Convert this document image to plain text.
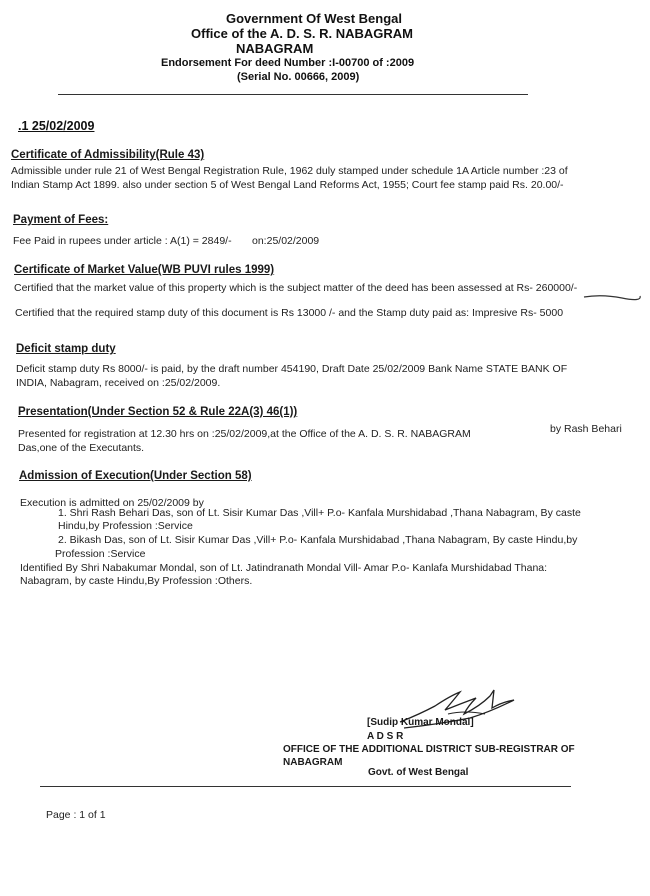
Government Of West Bengal
Office of the A. D. S. R. NABAGRAM
NABAGRAM
Endorsement For deed Number :I-00700 of :2009
(Serial No. 00666, 2009)
.1 25/02/2009
Certificate of Admissibility(Rule 43)
Admissible under rule 21 of West Bengal Registration Rule, 1962 duly stamped under schedule 1A Article number :23 of
Indian Stamp Act 1899. also under section 5 of West Bengal Land Reforms Act, 1955; Court fee stamp paid Rs. 20.00/-
Payment of Fees:
Fee Paid in rupees under article : A(1) = 2849/-       on:25/02/2009
Certificate of Market Value(WB PUVI rules 1999)
Certified that the market value of this property which is the subject matter of the deed has been assessed at Rs- 260000/-
Certified that the required stamp duty of this document is Rs 13000 /- and the Stamp duty paid as: Impresive Rs- 5000
Deficit stamp duty
Deficit stamp duty Rs 8000/- is paid, by the draft number 454190, Draft Date 25/02/2009 Bank Name STATE BANK OF
INDIA, Nabagram, received on :25/02/2009.
Presentation(Under Section 52 & Rule 22A(3) 46(1))
Presented for registration at 12.30 hrs on :25/02/2009,at the Office of the A. D. S. R. NABAGRAM	by Rash Behari
Das,one of the Executants.
Admission of Execution(Under Section 58)
Execution is admitted on 25/02/2009 by
1. Shri Rash Behari Das, son of Lt. Sisir Kumar Das ,Vill+ P.o- Kanfala Murshidabad ,Thana Nabagram, By caste
Hindu,by Profession :Service
2. Bikash Das, son of Lt. Sisir Kumar Das ,Vill+ P.o- Kanfala Murshidabad ,Thana Nabagram, By caste Hindu,by
Profession :Service
Identified By Shri Nabakumar Mondal, son of Lt. Jatindranath Mondal Vill- Amar P.o- Kanlafa Murshidabad Thana:
Nabagram, by caste Hindu,By Profession :Others.
[Sudip Kumar Mondal]
A D S R
OFFICE OF THE ADDITIONAL DISTRICT SUB-REGISTRAR OF
NABAGRAM
Govt. of West Bengal
Page : 1 of 1
